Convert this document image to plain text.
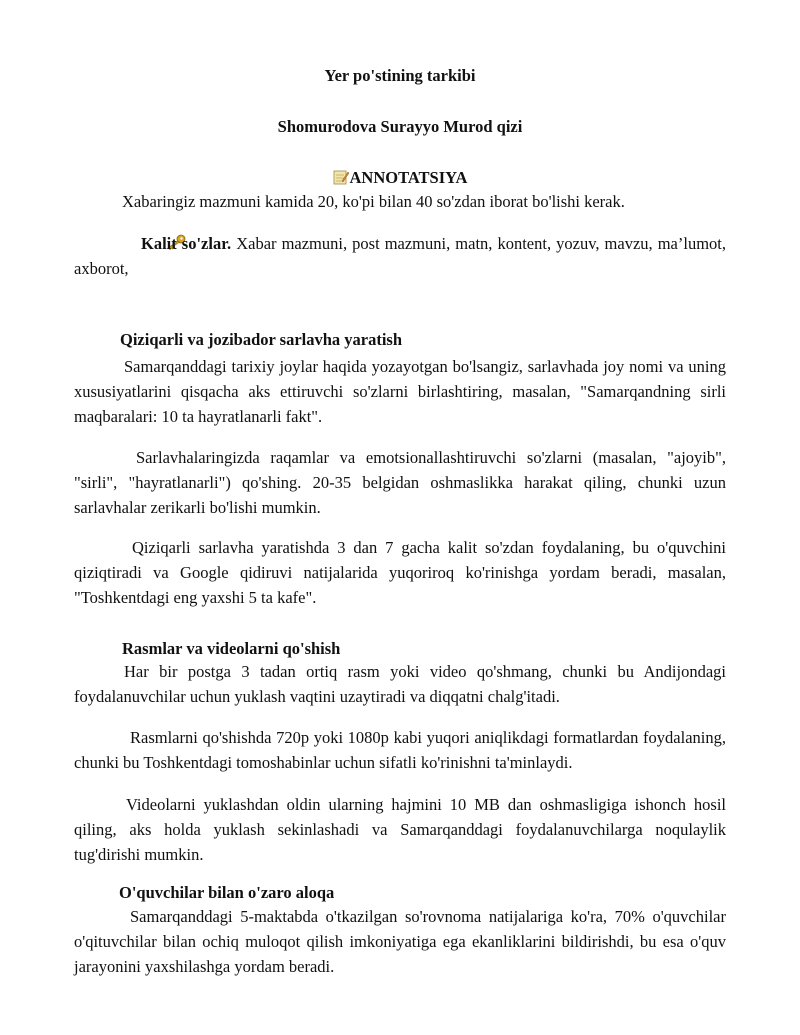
Yer po'stining tarkibi

Shomurodova Surayyo Murod qizi

ANNOTATSIYA

Xabaringiz mazmuni kamida 20, ko'pi bilan 40 so'zdan iborat bo'lishi kerak.

Kalit so'zlar. Xabar mazmuni, post mazmuni, matn, kontent, yozuv, mavzu, ma’lumot, axborot,

Qiziqarli va jozibador sarlavha yaratish

Samarqanddagi tarixiy joylar haqida yozayotgan bo'lsangiz, sarlavhada joy nomi va uning xususiyatlarini qisqacha aks ettiruvchi so'zlarni birlashtiring, masalan, "Samarqandning sirli maqbaralari: 10 ta hayratlanarli fakt".

Sarlavhalaringizda raqamlar va emotsionallashtiruvchi so'zlarni (masalan, "ajoyib", "sirli", "hayratlanarli") qo'shing. 20-35 belgidan oshmaslikka harakat qiling, chunki uzun sarlavhalar zerikarli bo'lishi mumkin.

Qiziqarli sarlavha yaratishda 3 dan 7 gacha kalit so'zdan foydalaning, bu o'quvchini qiziqtiradi va Google qidiruvi natijalarida yuqoriroq ko'rinishga yordam beradi, masalan, "Toshkentdagi eng yaxshi 5 ta kafe".

Rasmlar va videolarni qo'shish

Har bir postga 3 tadan ortiq rasm yoki video qo'shmang, chunki bu Andijondagi foydalanuvchilar uchun yuklash vaqtini uzaytiradi va diqqatni chalg'itadi.

Rasmlarni qo'shishda 720p yoki 1080p kabi yuqori aniqlikdagi formatlardan foydalaning, chunki bu Toshkentdagi tomoshabinlar uchun sifatli ko'rinishni ta'minlaydi.

Videolarni yuklashdan oldin ularning hajmini 10 MB dan oshmasligiga ishonch hosil qiling, aks holda yuklash sekinlashadi va Samarqanddagi foydalanuvchilarga noqulaylik tug'dirishi mumkin.

O'quvchilar bilan o'zaro aloqa

Samarqanddagi 5-maktabda o'tkazilgan so'rovnoma natijalariga ko'ra, 70% o'quvchilar o'qituvchilar bilan ochiq muloqot qilish imkoniyatiga ega ekanliklarini bildirishdi, bu esa o'quv jarayonini yaxshilashga yordam beradi.
